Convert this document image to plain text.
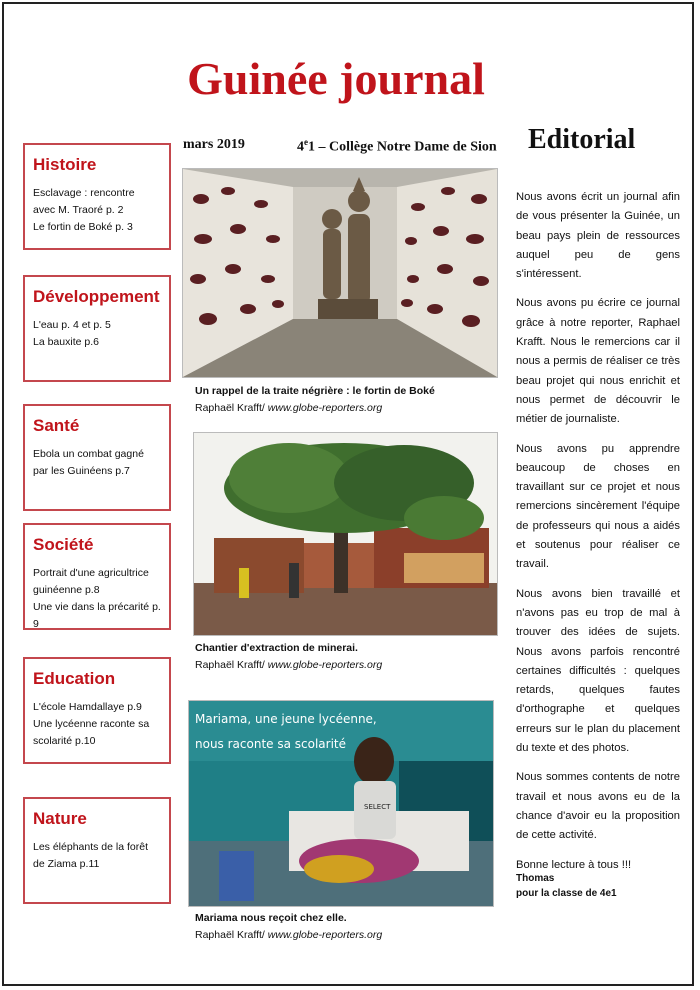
Guinée journal
mars 2019	4e1 – Collège Notre Dame de Sion
Histoire

Esclavage : rencontre

avec M. Traoré p. 2

Le fortin de Boké p. 3

Développement

L'eau p. 4 et p. 5

La bauxite p.6

Santé

Ebola un combat gagné

par les Guinéens p.7

Société

Portrait d'une agricultrice

guinéenne p.8

Une vie dans la précarité p. 9

Education

L'école Hamdallaye p.9

Une lycéenne raconte sa

scolarité p.10

Nature

Les éléphants de la forêt

de Ziama p.11

Un rappel de la traite négrière : le fortin de Boké
Raphaël Krafft/ www.globe-reporters.org
Chantier d'extraction de minerai.
Raphaël Krafft/ www.globe-reporters.org
SELECT
Mariama, une jeune lycéenne,
nous raconte sa scolarité
Mariama nous reçoit chez elle.
Raphaël Krafft/ www.globe-reporters.org
Editorial

Nous avons écrit un journal afin de vous présenter la Guinée, un beau pays plein de ressources auquel peu de gens s'intéressent.

Nous avons pu écrire ce journal grâce à notre reporter, Raphael Krafft. Nous le remercions car il nous a permis de réaliser ce très beau projet qui nous enrichit et nous permet de découvrir le métier de journaliste.

Nous avons pu apprendre beaucoup de choses en travaillant sur ce projet et nous remercions sincèrement l'équipe de professeurs qui nous a aidés et soutenus pour réaliser ce travail.

Nous avons bien travaillé et n'avons pas eu trop de mal à trouver des idées de sujets. Nous avons parfois rencontré certaines difficultés : quelques retards, quelques fautes d'orthographe et quelques erreurs sur le plan du placement du texte et des photos.

Nous sommes contents de notre travail et nous avons eu de la chance d'avoir eu la proposition de cette activité.

Bonne lecture à tous !!!

Thomas
pour la classe de 4e1
